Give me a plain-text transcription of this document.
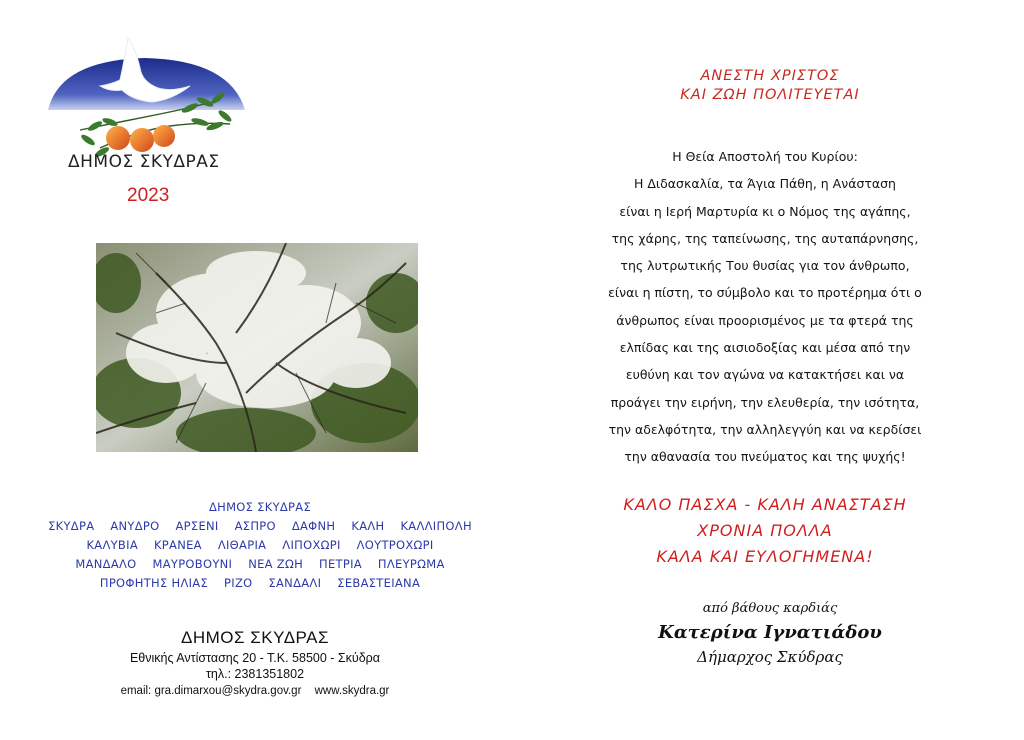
ΔΗΜΟΣ ΣΚΥΔΡΑΣ
2023
ΔΗΜΟΣ ΣΚΥΔΡΑΣ
ΣΚΥΔΡΑ ΑΝΥΔΡΟ ΑΡΣΕΝΙ ΑΣΠΡΟ ΔΑΦΝΗ ΚΑΛΗ ΚΑΛΛΙΠΟΛΗ
ΚΑΛΥΒΙΑ ΚΡΑΝΕΑ ΛΙΘΑΡΙΑ ΛΙΠΟΧΩΡΙ ΛΟΥΤΡΟΧΩΡΙ
ΜΑΝΔΑΛΟ ΜΑΥΡΟΒΟΥΝΙ ΝΕΑ ΖΩΗ ΠΕΤΡΙΑ ΠΛΕΥΡΩΜΑ
ΠΡΟΦΗΤΗΣ ΗΛΙΑΣ ΡΙΖΟ ΣΑΝΔΑΛΙ ΣΕΒΑΣΤΕΙΑΝΑ
ΔΗΜΟΣ ΣΚΥΔΡΑΣ
Εθνικής Αντίστασης 20 - Τ.Κ. 58500 - Σκύδρα
τηλ.: 2381351802
email: gra.dimarxou@skydra.gov.gr www.skydra.gr
ΑΝΕΣΤΗ ΧΡΙΣΤΟΣ
ΚΑΙ ΖΩΗ ΠΟΛΙΤΕΥΕΤΑΙ
Η Θεία Αποστολή του Κυρίου:
Η Διδασκαλία, τα Άγια Πάθη, η Ανάσταση
είναι η Ιερή Μαρτυρία κι ο Νόμος της αγάπης,
της χάρης, της ταπείνωσης, της αυταπάρνησης,
της λυτρωτικής Του θυσίας για τον άνθρωπο,
είναι η πίστη, το σύμβολο και το προτέρημα ότι ο
άνθρωπος είναι προορισμένος με τα φτερά της
ελπίδας και της αισιοδοξίας και μέσα από την
ευθύνη και τον αγώνα να κατακτήσει και να
προάγει την ειρήνη, την ελευθερία, την ισότητα,
την αδελφότητα, την αλληλεγγύη και να κερδίσει
την αθανασία του πνεύματος και της ψυχής!
ΚΑΛΟ ΠΑΣΧΑ - ΚΑΛΗ ΑΝΑΣΤΑΣΗ
ΧΡΟΝΙΑ ΠΟΛΛΑ
ΚΑΛΑ ΚΑΙ ΕΥΛΟΓΗΜΕΝΑ!
από βάθους καρδιάς
Κατερίνα Ιγνατιάδου
Δήμαρχος Σκύδρας
